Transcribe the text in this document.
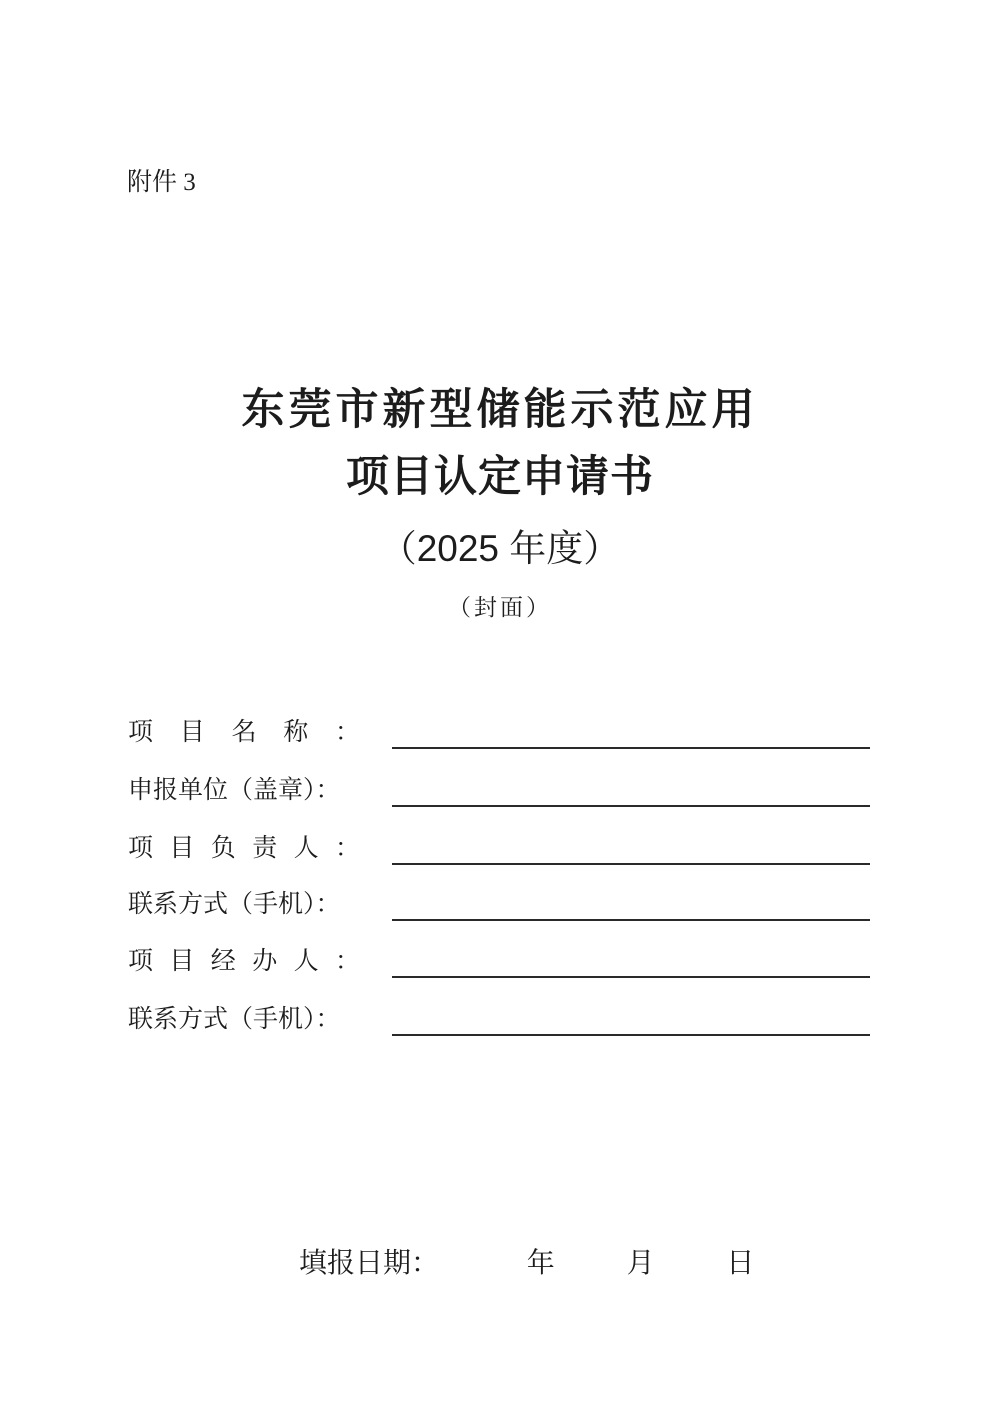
附件 3
东莞市新型储能示范应用
项目认定申请书
（2025 年度）
（封面）
项目名称：
申报单位（盖章）：
项目负责人：
联系方式（手机）：
项目经办人：
联系方式（手机）：
填报日期：	年	月	日
